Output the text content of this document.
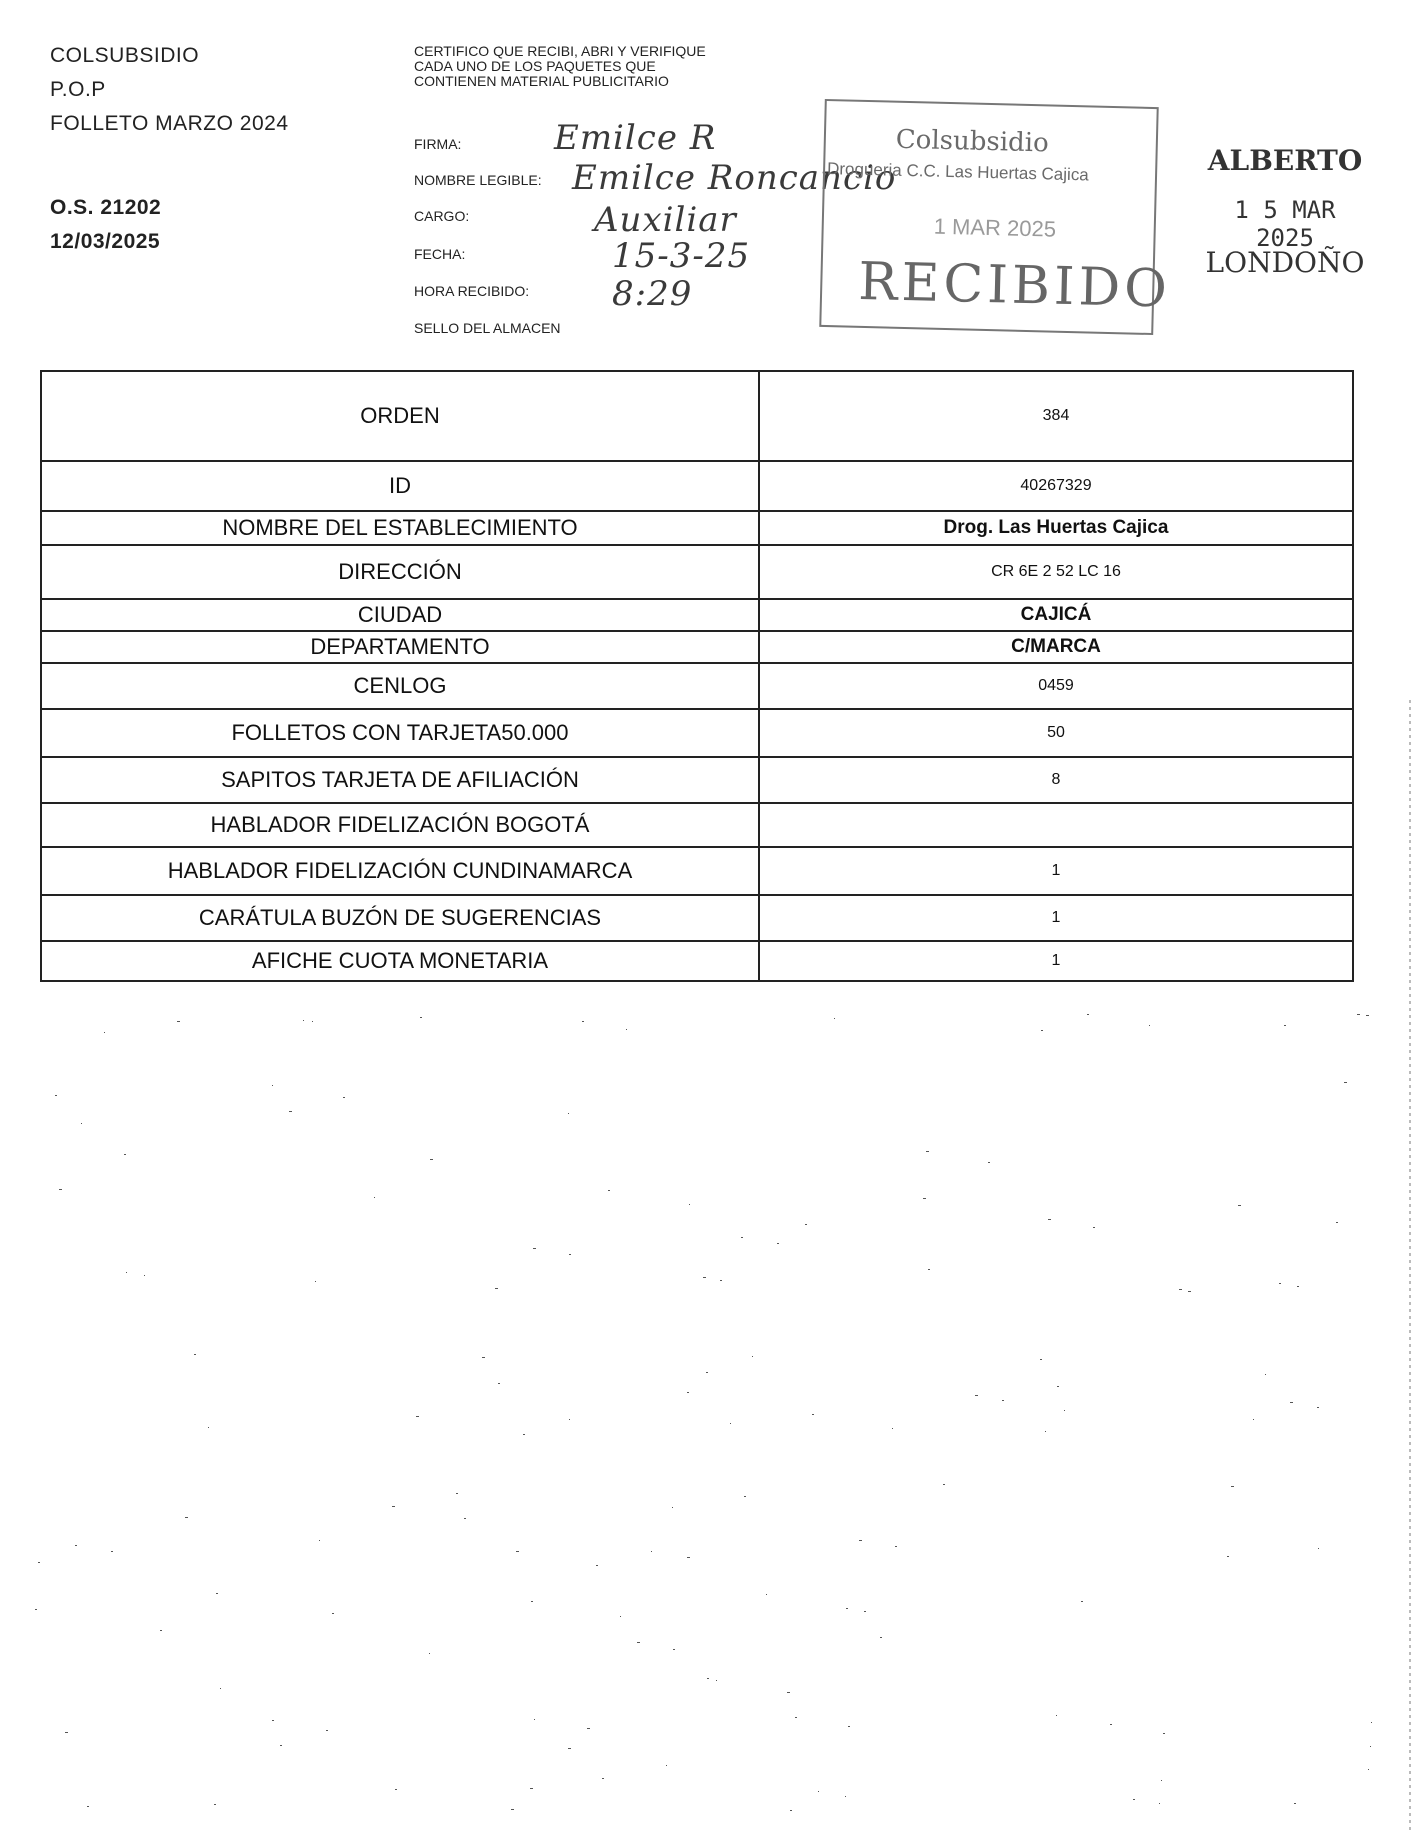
COLSUBSIDIO
P.O.P
FOLLETO MARZO 2024
O.S. 21202
12/03/2025
CERTIFICO QUE RECIBI, ABRI Y VERIFIQUE CADA UNO DE LOS PAQUETES QUE CONTIENEN MATERIAL PUBLICITARIO
FIRMA:
NOMBRE LEGIBLE:
CARGO:
FECHA:
HORA RECIBIDO:
SELLO DEL ALMACEN
Emilce R
Emilce Roncancio
Auxiliar
15-3-25
8:29
Colsubsidio
Drogueria C.C. Las Huertas Cajica
1 MAR 2025
RECIBIDO
ALBERTO
1 5 MAR 2025
LONDOÑO
ORDEN	384
ID	40267329
NOMBRE DEL ESTABLECIMIENTO	Drog. Las Huertas Cajica
DIRECCIÓN	CR 6E 2 52 LC 16
CIUDAD	CAJICÁ
DEPARTAMENTO	C/MARCA
CENLOG	0459
FOLLETOS CON TARJETA50.000	50
SAPITOS TARJETA DE AFILIACIÓN	8
HABLADOR FIDELIZACIÓN BOGOTÁ	
HABLADOR FIDELIZACIÓN CUNDINAMARCA	1
CARÁTULA BUZÓN DE SUGERENCIAS	1
AFICHE CUOTA MONETARIA	1
